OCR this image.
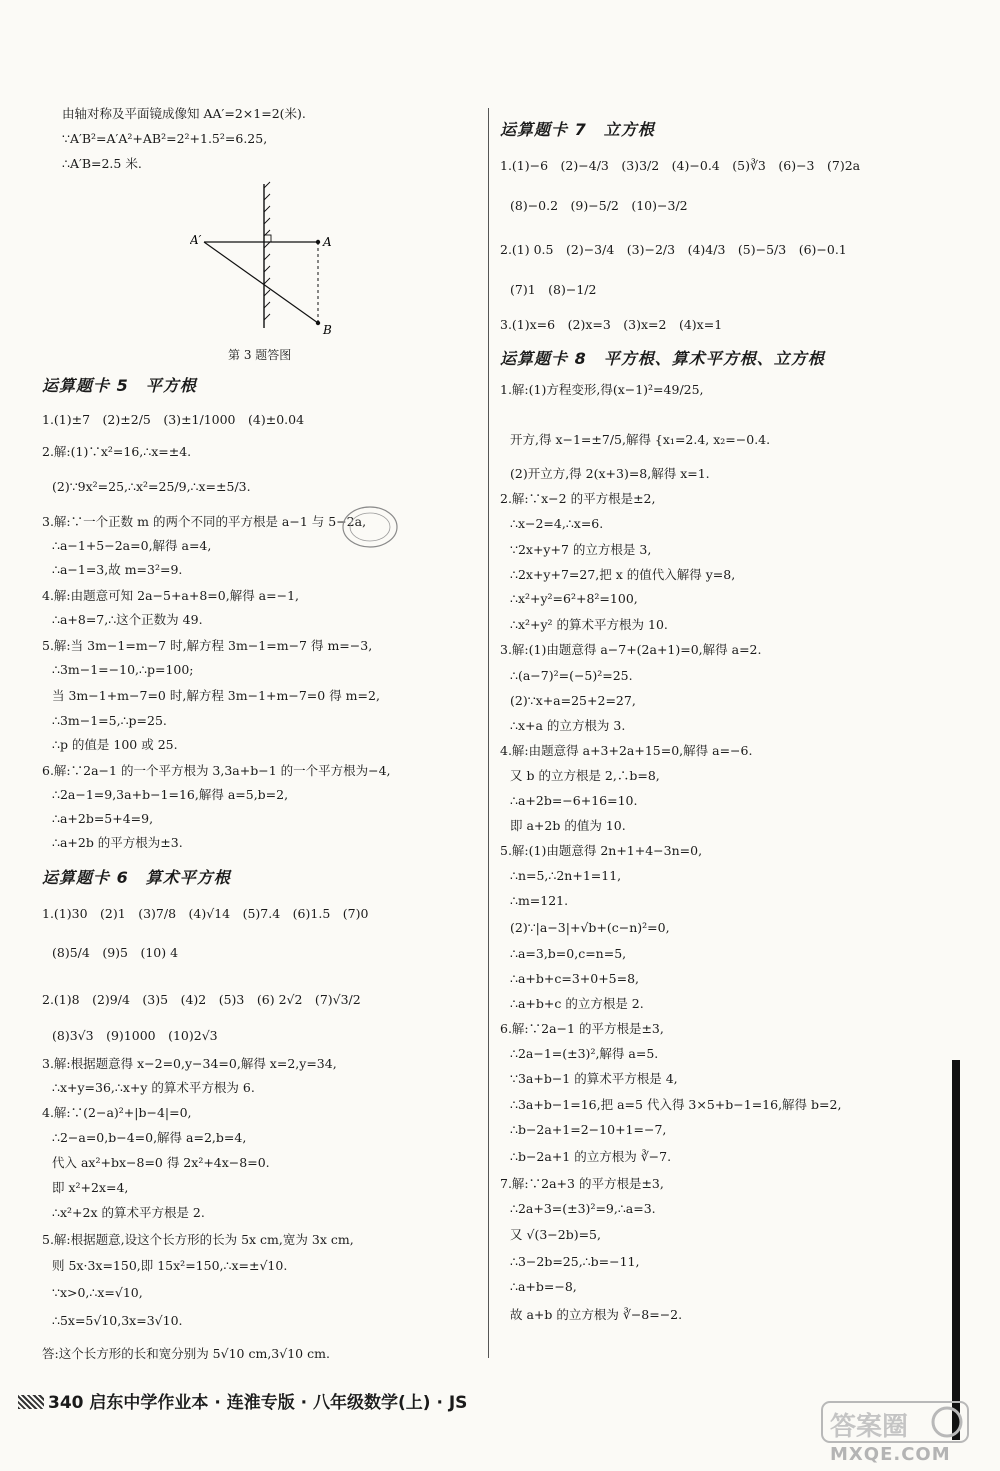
由轴对称及平面镜成像知 AA′=2×1=2(米).
∵A′B²=A′A²+AB²=2²+1.5²=6.25,
∴A′B=2.5 米.
A′	A
B
第 3 题答图
运算题卡 5　平方根
1.(1)±7　(2)±2/5　(3)±1/1000　(4)±0.04
2.解:(1)∵x²=16,∴x=±4.
(2)∵9x²=25,∴x²=25/9,∴x=±5/3.
3.解:∵一个正数 m 的两个不同的平方根是 a−1 与 5−2a,
∴a−1+5−2a=0,解得 a=4,
∴a−1=3,故 m=3²=9.
4.解:由题意可知 2a−5+a+8=0,解得 a=−1,
∴a+8=7,∴这个正数为 49.
5.解:当 3m−1=m−7 时,解方程 3m−1=m−7 得 m=−3,
∴3m−1=−10,∴p=100;
当 3m−1+m−7=0 时,解方程 3m−1+m−7=0 得 m=2,
∴3m−1=5,∴p=25.
∴p 的值是 100 或 25.
6.解:∵2a−1 的一个平方根为 3,3a+b−1 的一个平方根为−4,
∴2a−1=9,3a+b−1=16,解得 a=5,b=2,
∴a+2b=5+4=9,
∴a+2b 的平方根为±3.
运算题卡 6　算术平方根
1.(1)30　(2)1　(3)7/8　(4)√14　(5)7.4　(6)1.5　(7)0
(8)5/4　(9)5　(10) 4
2.(1)8　(2)9/4　(3)5　(4)2　(5)3　(6) 2√2　(7)√3/2
(8)3√3　(9)1000　(10)2√3
3.解:根据题意得 x−2=0,y−34=0,解得 x=2,y=34,
∴x+y=36,∴x+y 的算术平方根为 6.
4.解:∵(2−a)²+|b−4|=0,
∴2−a=0,b−4=0,解得 a=2,b=4,
代入 ax²+bx−8=0 得 2x²+4x−8=0.
即 x²+2x=4,
∴x²+2x 的算术平方根是 2.
5.解:根据题意,设这个长方形的长为 5x cm,宽为 3x cm,
则 5x·3x=150,即 15x²=150,∴x=±√10.
∵x>0,∴x=√10,
∴5x=5√10,3x=3√10.
答:这个长方形的长和宽分别为 5√10 cm,3√10 cm.
运算题卡 7　立方根
1.(1)−6　(2)−4/3　(3)3/2　(4)−0.4　(5)∛3　(6)−3　(7)2a
(8)−0.2　(9)−5/2　(10)−3/2
2.(1) 0.5　(2)−3/4　(3)−2/3　(4)4/3　(5)−5/3　(6)−0.1
(7)1　(8)−1/2
3.(1)x=6　(2)x=3　(3)x=2　(4)x=1
运算题卡 8　平方根、算术平方根、立方根
1.解:(1)方程变形,得(x−1)²=49/25,
开方,得 x−1=±7/5,解得 {x₁=2.4, x₂=−0.4.
(2)开立方,得 2(x+3)=8,解得 x=1.
2.解:∵x−2 的平方根是±2,
∴x−2=4,∴x=6.
∵2x+y+7 的立方根是 3,
∴2x+y+7=27,把 x 的值代入解得 y=8,
∴x²+y²=6²+8²=100,
∴x²+y² 的算术平方根为 10.
3.解:(1)由题意得 a−7+(2a+1)=0,解得 a=2.
∴(a−7)²=(−5)²=25.
(2)∵x+a=25+2=27,
∴x+a 的立方根为 3.
4.解:由题意得 a+3+2a+15=0,解得 a=−6.
又 b 的立方根是 2,∴b=8,
∴a+2b=−6+16=10.
即 a+2b 的值为 10.
5.解:(1)由题意得 2n+1+4−3n=0,
∴n=5,∴2n+1=11,
∴m=121.
(2)∵|a−3|+√b+(c−n)²=0,
∴a=3,b=0,c=n=5,
∴a+b+c=3+0+5=8,
∴a+b+c 的立方根是 2.
6.解:∵2a−1 的平方根是±3,
∴2a−1=(±3)²,解得 a=5.
∵3a+b−1 的算术平方根是 4,
∴3a+b−1=16,把 a=5 代入得 3×5+b−1=16,解得 b=2,
∴b−2a+1=2−10+1=−7,
∴b−2a+1 的立方根为 ∛−7.
7.解:∵2a+3 的平方根是±3,
∴2a+3=(±3)²=9,∴a=3.
又 √(3−2b)=5,
∴3−2b=25,∴b=−11,
∴a+b=−8,
故 a+b 的立方根为 ∛−8=−2.
340 启东中学作业本 · 连淮专版 · 八年级数学(上) · JS
答案圈
MXQE.COM
